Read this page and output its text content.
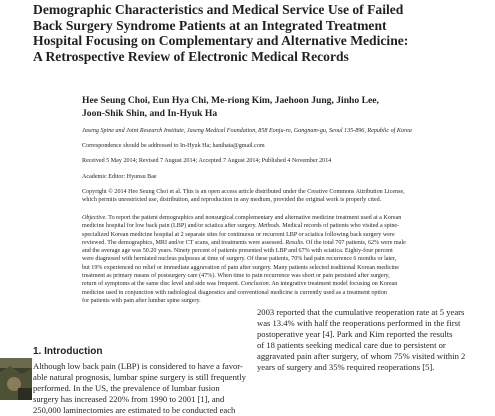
Demographic Characteristics and Medical Service Use of Failed
Back Surgery Syndrome Patients at an Integrated Treatment
Hospital Focusing on Complementary and Alternative Medicine:
A Retrospective Review of Electronic Medical Records
Hee Seung Choi, Eun Hya Chi, Me-riong Kim, Jaehoon Jung, Jinho Lee,
Joon-Shik Shin, and In-Hyuk Ha
Jaseng Spine and Joint Research Institute, Jaseng Medical Foundation, 858 Eonju-ro, Gangnam-gu, Seoul 135-896, Republic of Korea
Correspondence should be addressed to In-Hyuk Ha; hanihata@gmail.com
Received 5 May 2014; Revised 7 August 2014; Accepted 7 August 2014; Published 4 November 2014
Academic Editor: Hyunsu Bae
Copyright © 2014 Hee Seung Choi et al. This is an open access article distributed under the Creative Commons Attribution License,
which permits unrestricted use, distribution, and reproduction in any medium, provided the original work is properly cited.
Objective. To report the patient demographics and nonsurgical complementary and alternative medicine treatment used at a Korean
medicine hospital for low back pain (LBP) and/or sciatica after surgery. Methods. Medical records of patients who visited a spine-
specialized Korean medicine hospital at 2 separate sites for continuous or recurrent LBP or sciatica following back surgery were
reviewed. The demographics, MRI and/or CT scans, and treatments were assessed. Results. Of the total 707 patients, 62% were male
and the average age was 50.20 years. Ninety percent of patients presented with LBP and 67% with sciatica. Eighty-four percent
were diagnosed with herniated nucleus pulposus at time of surgery. Of these patients, 70% had pain recurrence 6 months or later,
but 19% experienced no relief or immediate aggravation of pain after surgery. Many patients selected traditional Korean medicine
treatment as primary means of postsurgery care (47%). When time to pain recurrence was short or pain persisted after surgery,
return of symptoms at the same disc level and side was frequent. Conclusion. An integrative treatment model focusing on Korean
medicine used in conjunction with radiological diagnostics and conventional medicine is currently used as a treatment option
for patients with pain after lumbar spine surgery.
1. Introduction
Although low back pain (LBP) is considered to have a favor-
able natural prognosis, lumbar spine surgery is still frequently
performed. In the US, the prevalence of lumbar fusion
surgery has increased 220% from 1990 to 2001 [1], and
250,000 laminectomies are estimated to be conducted each
2003 reported that the cumulative reoperation rate at 5 years
was 13.4% with half the reoperations performed in the first
postoperative year [4]. Park and Kim reported the results
of 18 patients seeking medical care due to persistent or
aggravated pain after surgery, of whom 75% visited within 2
years of surgery and 35% required reoperations [5].
